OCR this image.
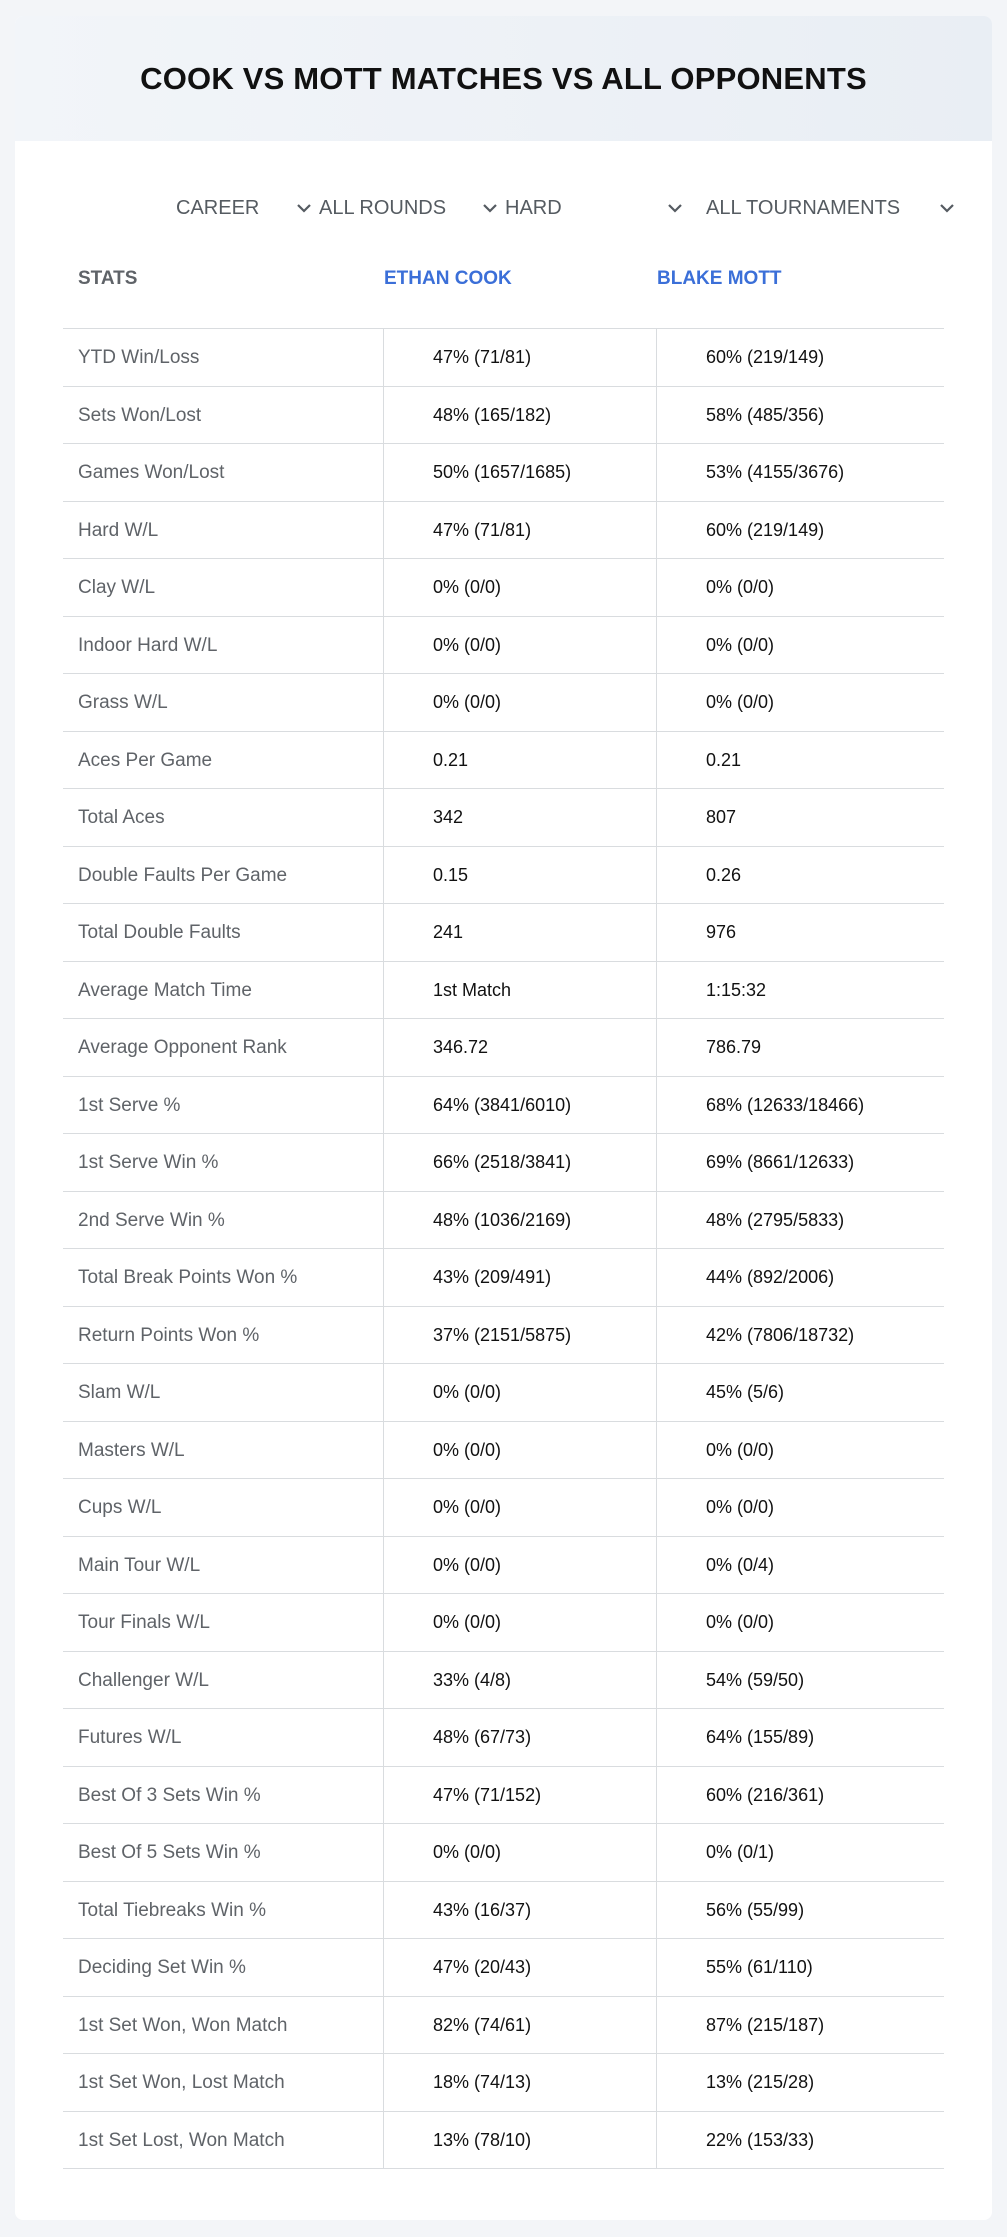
COOK VS MOTT MATCHES VS ALL OPPONENTS
CAREER	ALL ROUNDS	HARD	ALL TOURNAMENTS
STATS	ETHAN COOK	BLAKE MOTT
YTD Win/Loss	47% (71/81)	60% (219/149)
Sets Won/Lost	48% (165/182)	58% (485/356)
Games Won/Lost	50% (1657/1685)	53% (4155/3676)
Hard W/L	47% (71/81)	60% (219/149)
Clay W/L	0% (0/0)	0% (0/0)
Indoor Hard W/L	0% (0/0)	0% (0/0)
Grass W/L	0% (0/0)	0% (0/0)
Aces Per Game	0.21	0.21
Total Aces	342	807
Double Faults Per Game	0.15	0.26
Total Double Faults	241	976
Average Match Time	1st Match	1:15:32
Average Opponent Rank	346.72	786.79
1st Serve %	64% (3841/6010)	68% (12633/18466)
1st Serve Win %	66% (2518/3841)	69% (8661/12633)
2nd Serve Win %	48% (1036/2169)	48% (2795/5833)
Total Break Points Won %	43% (209/491)	44% (892/2006)
Return Points Won %	37% (2151/5875)	42% (7806/18732)
Slam W/L	0% (0/0)	45% (5/6)
Masters W/L	0% (0/0)	0% (0/0)
Cups W/L	0% (0/0)	0% (0/0)
Main Tour W/L	0% (0/0)	0% (0/4)
Tour Finals W/L	0% (0/0)	0% (0/0)
Challenger W/L	33% (4/8)	54% (59/50)
Futures W/L	48% (67/73)	64% (155/89)
Best Of 3 Sets Win %	47% (71/152)	60% (216/361)
Best Of 5 Sets Win %	0% (0/0)	0% (0/1)
Total Tiebreaks Win %	43% (16/37)	56% (55/99)
Deciding Set Win %	47% (20/43)	55% (61/110)
1st Set Won, Won Match	82% (74/61)	87% (215/187)
1st Set Won, Lost Match	18% (74/13)	13% (215/28)
1st Set Lost, Won Match	13% (78/10)	22% (153/33)
